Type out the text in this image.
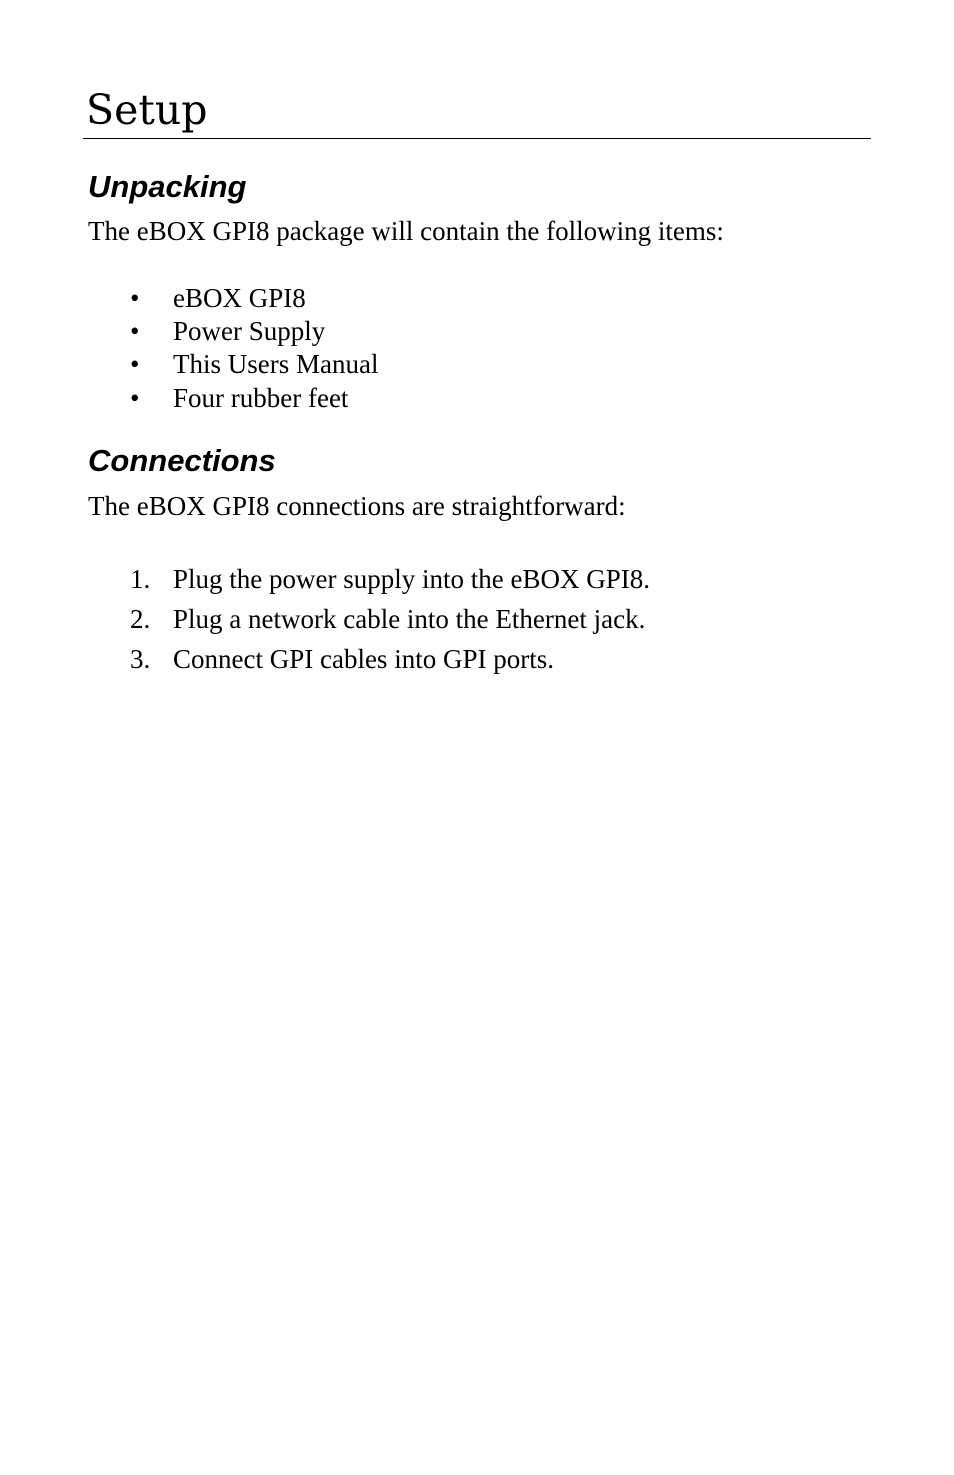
Setup
Unpacking

The eBOX GPI8 package will contain the following items:

• eBOX GPI8
• Power Supply
• This Users Manual
• Four rubber feet
Connections

The eBOX GPI8 connections are straightforward:

1. Plug the power supply into the eBOX GPI8.
2. Plug a network cable into the Ethernet jack.
3. Connect GPI cables into GPI ports.
